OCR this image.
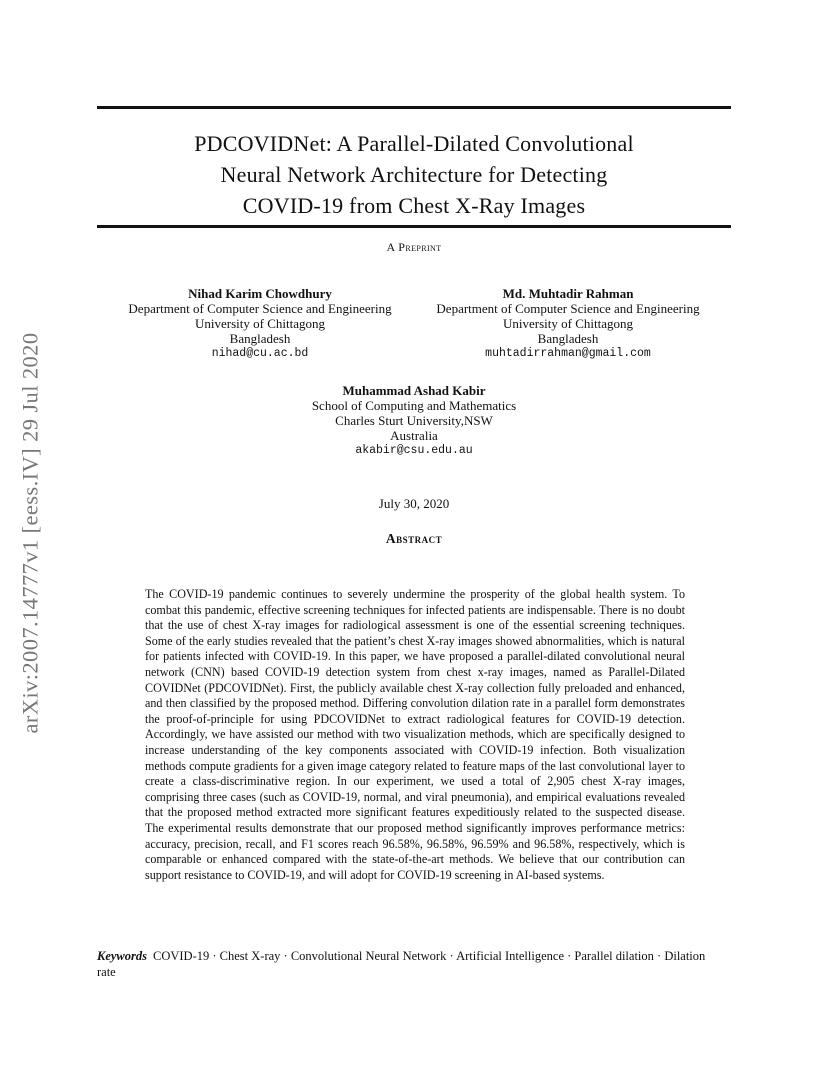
arXiv:2007.14777v1 [eess.IV] 29 Jul 2020
PDCOVIDNet: A Parallel-Dilated Convolutional
Neural Network Architecture for Detecting
COVID-19 from Chest X-Ray Images
A Preprint
Nihad Karim Chowdhury
Department of Computer Science and Engineering
University of Chittagong
Bangladesh
nihad@cu.ac.bd
Md. Muhtadir Rahman
Department of Computer Science and Engineering
University of Chittagong
Bangladesh
muhtadirrahman@gmail.com
Muhammad Ashad Kabir
School of Computing and Mathematics
Charles Sturt University,NSW
Australia
akabir@csu.edu.au
July 30, 2020
Abstract
The COVID-19 pandemic continues to severely undermine the prosperity of the global health system. To combat this pandemic, effective screening techniques for infected patients are indispensable. There is no doubt that the use of chest X-ray images for radiological assessment is one of the essential screening techniques. Some of the early studies revealed that the patient’s chest X-ray images showed abnormalities, which is natural for patients infected with COVID-19. In this paper, we have proposed a parallel-dilated convolutional neural network (CNN) based COVID-19 detection system from chest x-ray images, named as Parallel-Dilated COVIDNet (PDCOVIDNet). First, the publicly available chest X-ray collection fully preloaded and enhanced, and then classified by the proposed method. Differing convolution dilation rate in a parallel form demonstrates the proof-of-principle for using PDCOVIDNet to extract radiological features for COVID-19 detection. Accordingly, we have assisted our method with two visualization methods, which are specifically designed to increase understanding of the key components associated with COVID-19 infection. Both visualization methods compute gradients for a given image category related to feature maps of the last convolutional layer to create a class-discriminative region. In our experiment, we used a total of 2,905 chest X-ray images, comprising three cases (such as COVID-19, normal, and viral pneumonia), and empirical evaluations revealed that the proposed method extracted more significant features expeditiously related to the suspected disease. The experimental results demonstrate that our proposed method significantly improves performance metrics: accuracy, precision, recall, and F1 scores reach 96.58%, 96.58%, 96.59% and 96.58%, respectively, which is comparable or enhanced compared with the state-of-the-art methods. We believe that our contribution can support resistance to COVID-19, and will adopt for COVID-19 screening in AI-based systems.
Keywords COVID-19 · Chest X-ray · Convolutional Neural Network · Artificial Intelligence · Parallel dilation · Dilation rate
